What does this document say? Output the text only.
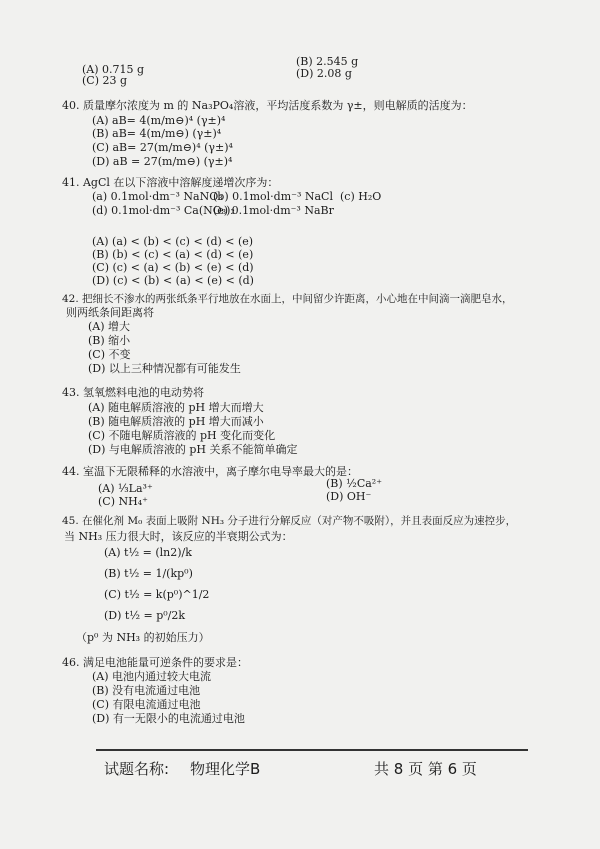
(A) 0.715 g
(B) 2.545 g
(C) 23 g
(D) 2.08 g
40. 质量摩尔浓度为 m 的 Na₃PO₄溶液，平均活度系数为 γ±，则电解质的活度为：
(A) aB= 4(m/m⊖)⁴ (γ±)⁴
(B) aB= 4(m/m⊖) (γ±)⁴
(C) aB= 27(m/m⊖)⁴ (γ±)⁴
(D) aB = 27(m/m⊖) (γ±)⁴
41. AgCl 在以下溶液中溶解度递增次序为：
(a) 0.1mol·dm⁻³ NaNO₃
(b) 0.1mol·dm⁻³ NaCl (c) H₂O
(d) 0.1mol·dm⁻³ Ca(NO₃)₂
(e) 0.1mol·dm⁻³ NaBr
(A) (a) < (b) < (c) < (d) < (e)
(B) (b) < (c) < (a) < (d) < (e)
(C) (c) < (a) < (b) < (e) < (d)
(D) (c) < (b) < (a) < (e) < (d)
42. 把细长不渗水的两张纸条平行地放在水面上，中间留少许距离，小心地在中间滴一滴肥皂水，
则两纸条间距离将
(A) 增大
(B) 缩小
(C) 不变
(D) 以上三种情况都有可能发生
43. 氢氧燃料电池的电动势将
(A) 随电解质溶液的 pH 增大而增大
(B) 随电解质溶液的 pH 增大而减小
(C) 不随电解质溶液的 pH 变化而变化
(D) 与电解质溶液的 pH 关系不能简单确定
44. 室温下无限稀释的水溶液中，离子摩尔电导率最大的是：
(A) ⅓La³⁺	(B) ½Ca²⁺
(C) NH₄⁺	(D) OH⁻
45. 在催化剂 M₀ 表面上吸附 NH₃ 分子进行分解反应（对产物不吸附），并且表面反应为速控步，
当 NH₃ 压力很大时，该反应的半衰期公式为：
(A) t½ = (ln2)/k
(B) t½ = 1/(kp⁰)
(C) t½ = k(p⁰)^1/2
(D) t½ = p⁰/2k
（p⁰ 为 NH₃ 的初始压力）
46. 满足电池能量可逆条件的要求是：
(A) 电池内通过较大电流
(B) 没有电流通过电池
(C) 有限电流通过电池
(D) 有一无限小的电流通过电池
试题名称: 物理化学B	共 8 页 第 6 页
